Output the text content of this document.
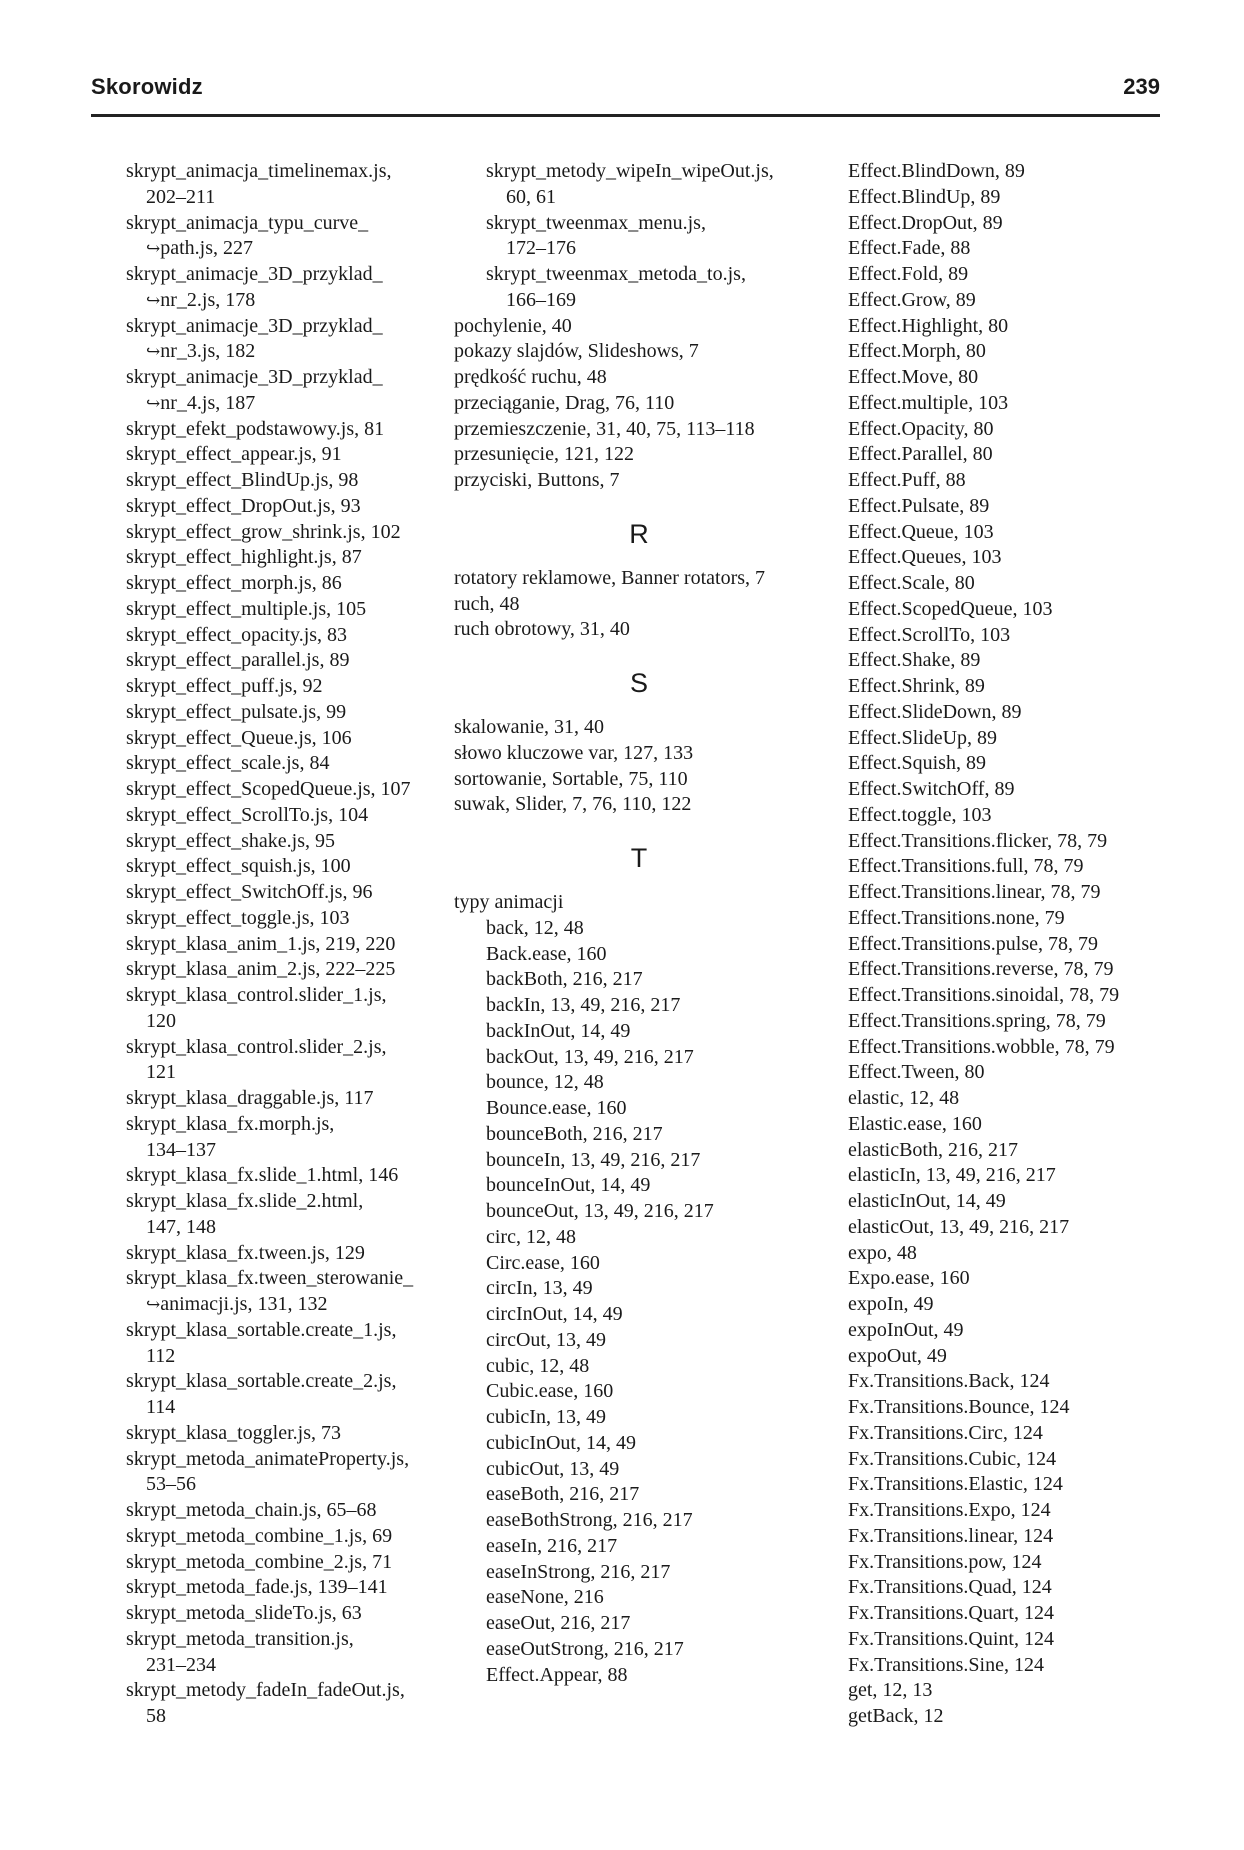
Skorowidz	239
skrypt_animacja_timelinemax.js,
202–211
skrypt_animacja_typu_curve_
↪ path.js, 227
skrypt_animacje_3D_przyklad_
↪ nr_2.js, 178
skrypt_animacje_3D_przyklad_
↪ nr_3.js, 182
skrypt_animacje_3D_przyklad_
↪ nr_4.js, 187
skrypt_efekt_podstawowy.js, 81
skrypt_effect_appear.js, 91
skrypt_effect_BlindUp.js, 98
skrypt_effect_DropOut.js, 93
skrypt_effect_grow_shrink.js, 102
skrypt_effect_highlight.js, 87
skrypt_effect_morph.js, 86
skrypt_effect_multiple.js, 105
skrypt_effect_opacity.js, 83
skrypt_effect_parallel.js, 89
skrypt_effect_puff.js, 92
skrypt_effect_pulsate.js, 99
skrypt_effect_Queue.js, 106
skrypt_effect_scale.js, 84
skrypt_effect_ScopedQueue.js, 107
skrypt_effect_ScrollTo.js, 104
skrypt_effect_shake.js, 95
skrypt_effect_squish.js, 100
skrypt_effect_SwitchOff.js, 96
skrypt_effect_toggle.js, 103
skrypt_klasa_anim_1.js, 219, 220
skrypt_klasa_anim_2.js, 222–225
skrypt_klasa_control.slider_1.js,
120
skrypt_klasa_control.slider_2.js,
121
skrypt_klasa_draggable.js, 117
skrypt_klasa_fx.morph.js,
134–137
skrypt_klasa_fx.slide_1.html, 146
skrypt_klasa_fx.slide_2.html,
147, 148
skrypt_klasa_fx.tween.js, 129
skrypt_klasa_fx.tween_sterowanie_
↪ animacji.js, 131, 132
skrypt_klasa_sortable.create_1.js,
112
skrypt_klasa_sortable.create_2.js,
114
skrypt_klasa_toggler.js, 73
skrypt_metoda_animateProperty.js,
53–56
skrypt_metoda_chain.js, 65–68
skrypt_metoda_combine_1.js, 69
skrypt_metoda_combine_2.js, 71
skrypt_metoda_fade.js, 139–141
skrypt_metoda_slideTo.js, 63
skrypt_metoda_transition.js,
231–234
skrypt_metody_fadeIn_fadeOut.js,
58
skrypt_metody_wipeIn_wipeOut.js,
60, 61
skrypt_tweenmax_menu.js,
172–176
skrypt_tweenmax_metoda_to.js,
166–169
pochylenie, 40
pokazy slajdów, Slideshows, 7
prędkość ruchu, 48
przeciąganie, Drag, 76, 110
przemieszczenie, 31, 40, 75, 113–118
przesunięcie, 121, 122
przyciski, Buttons, 7
R
rotatory reklamowe, Banner rotators, 7
ruch, 48
ruch obrotowy, 31, 40
S
skalowanie, 31, 40
słowo kluczowe var, 127, 133
sortowanie, Sortable, 75, 110
suwak, Slider, 7, 76, 110, 122
T
typy animacji
back, 12, 48
Back.ease, 160
backBoth, 216, 217
backIn, 13, 49, 216, 217
backInOut, 14, 49
backOut, 13, 49, 216, 217
bounce, 12, 48
Bounce.ease, 160
bounceBoth, 216, 217
bounceIn, 13, 49, 216, 217
bounceInOut, 14, 49
bounceOut, 13, 49, 216, 217
circ, 12, 48
Circ.ease, 160
circIn, 13, 49
circInOut, 14, 49
circOut, 13, 49
cubic, 12, 48
Cubic.ease, 160
cubicIn, 13, 49
cubicInOut, 14, 49
cubicOut, 13, 49
easeBoth, 216, 217
easeBothStrong, 216, 217
easeIn, 216, 217
easeInStrong, 216, 217
easeNone, 216
easeOut, 216, 217
easeOutStrong, 216, 217
Effect.Appear, 88
Effect.BlindDown, 89
Effect.BlindUp, 89
Effect.DropOut, 89
Effect.Fade, 88
Effect.Fold, 89
Effect.Grow, 89
Effect.Highlight, 80
Effect.Morph, 80
Effect.Move, 80
Effect.multiple, 103
Effect.Opacity, 80
Effect.Parallel, 80
Effect.Puff, 88
Effect.Pulsate, 89
Effect.Queue, 103
Effect.Queues, 103
Effect.Scale, 80
Effect.ScopedQueue, 103
Effect.ScrollTo, 103
Effect.Shake, 89
Effect.Shrink, 89
Effect.SlideDown, 89
Effect.SlideUp, 89
Effect.Squish, 89
Effect.SwitchOff, 89
Effect.toggle, 103
Effect.Transitions.flicker, 78, 79
Effect.Transitions.full, 78, 79
Effect.Transitions.linear, 78, 79
Effect.Transitions.none, 79
Effect.Transitions.pulse, 78, 79
Effect.Transitions.reverse, 78, 79
Effect.Transitions.sinoidal, 78, 79
Effect.Transitions.spring, 78, 79
Effect.Transitions.wobble, 78, 79
Effect.Tween, 80
elastic, 12, 48
Elastic.ease, 160
elasticBoth, 216, 217
elasticIn, 13, 49, 216, 217
elasticInOut, 14, 49
elasticOut, 13, 49, 216, 217
expo, 48
Expo.ease, 160
expoIn, 49
expoInOut, 49
expoOut, 49
Fx.Transitions.Back, 124
Fx.Transitions.Bounce, 124
Fx.Transitions.Circ, 124
Fx.Transitions.Cubic, 124
Fx.Transitions.Elastic, 124
Fx.Transitions.Expo, 124
Fx.Transitions.linear, 124
Fx.Transitions.pow, 124
Fx.Transitions.Quad, 124
Fx.Transitions.Quart, 124
Fx.Transitions.Quint, 124
Fx.Transitions.Sine, 124
get, 12, 13
getBack, 12
